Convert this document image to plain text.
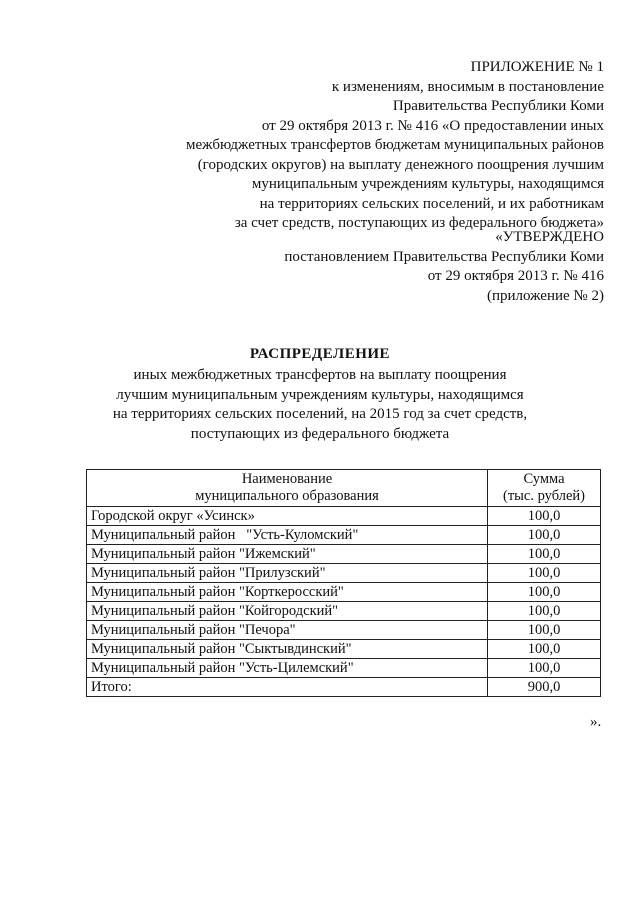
ПРИЛОЖЕНИЕ № 1
к изменениям, вносимым в постановление
Правительства Республики Коми
от 29 октября 2013 г. № 416 «О предоставлении иных
межбюджетных трансфертов бюджетам муниципальных районов
(городских округов) на выплату денежного поощрения лучшим
муниципальным учреждениям культуры, находящимся
на территориях сельских поселений, и их работникам
за счет средств, поступающих из федерального бюджета»
«УТВЕРЖДЕНО
постановлением Правительства Республики Коми
от 29 октября 2013 г. № 416
(приложение № 2)
РАСПРЕДЕЛЕНИЕ
иных межбюджетных трансфертов на выплату поощрения
лучшим муниципальным учреждениям культуры, находящимся
на территориях сельских поселений, на 2015 год за счет средств,
поступающих из федерального бюджета
Наименование
муниципального образования	Сумма
(тыс. рублей)

Городской округ «Усинск»	100,0
Муниципальный район   "Усть-Куломский"	100,0
Муниципальный район "Ижемский"	100,0
Муниципальный район "Прилузский"	100,0
Муниципальный район "Корткеросский"	100,0
Муниципальный район "Койгородский"	100,0
Муниципальный район "Печора"	100,0
Муниципальный район "Сыктывдинский"	100,0
Муниципальный район "Усть-Цилемский"	100,0
Итого:	900,0
».
